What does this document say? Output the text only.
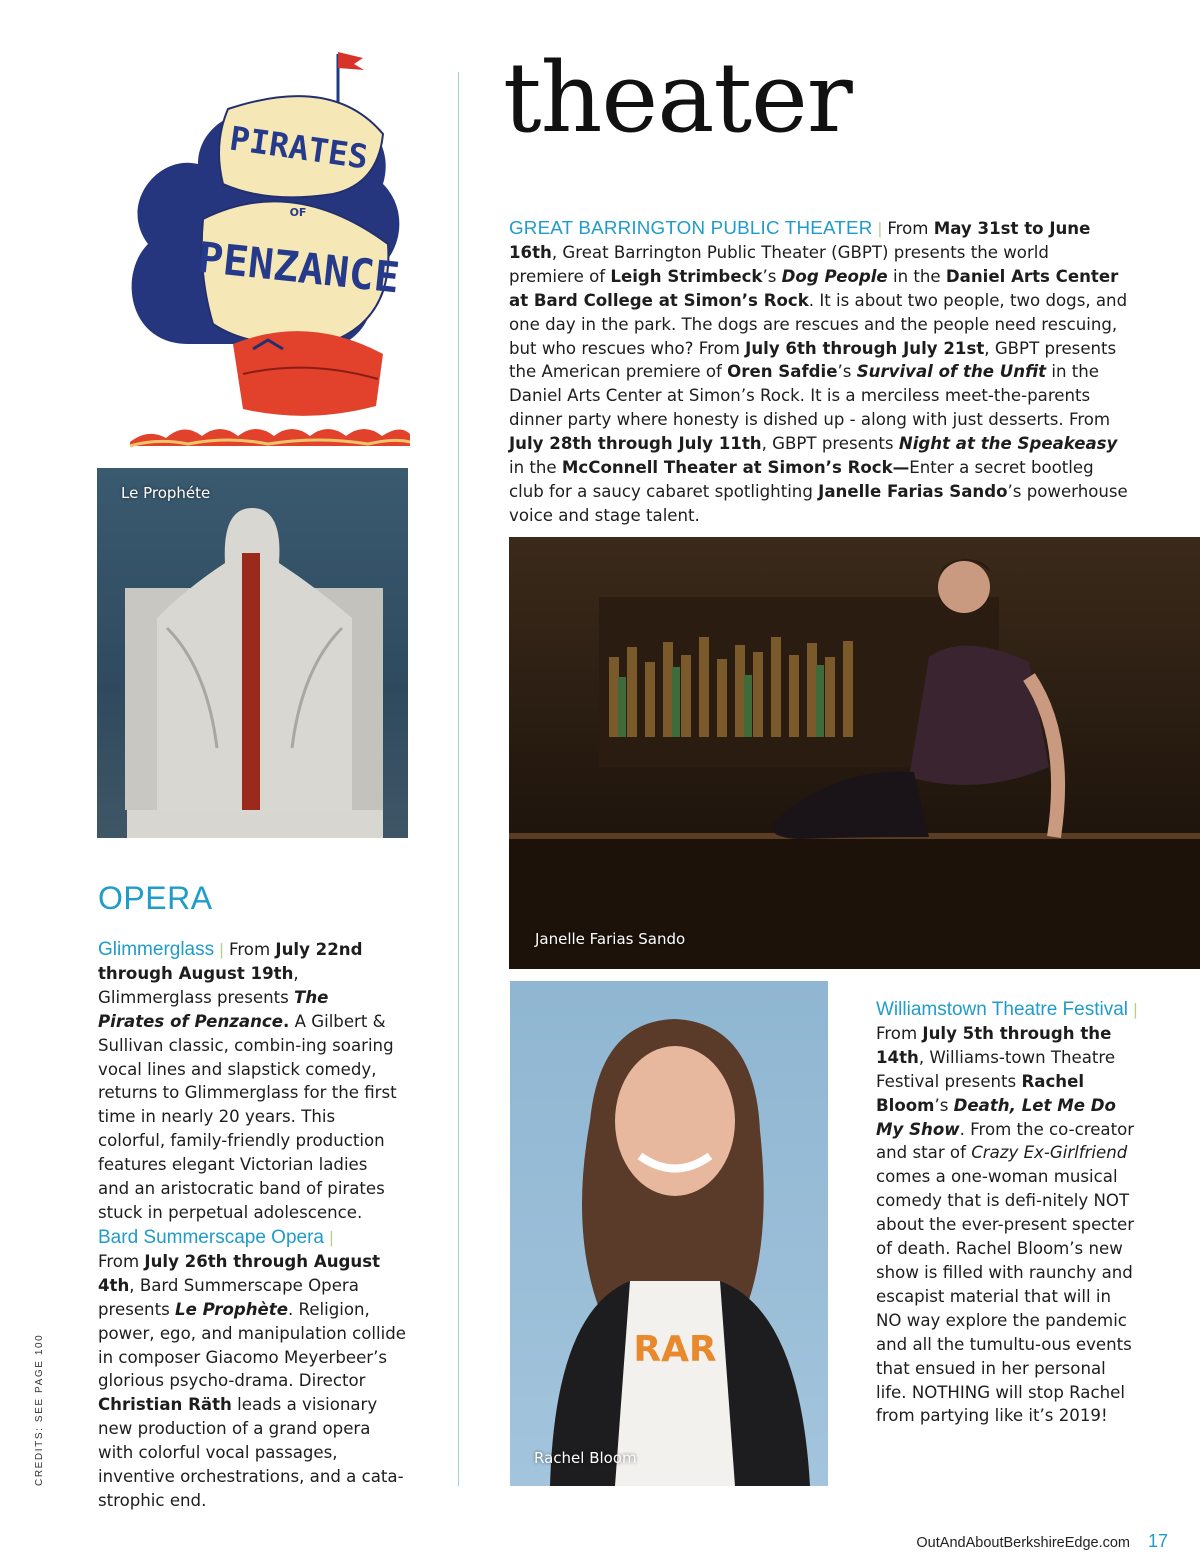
theater

GREAT BARRINGTON PUBLIC THEATER | From May 31st to June 16th, Great Barrington Public Theater (GBPT) presents the world premiere of Leigh Strimbeck’s Dog People in the Daniel Arts Center at Bard College at Simon’s Rock. It is about two people, two dogs, and one day in the park. The dogs are rescues and the people need rescuing, but who rescues who? From July 6th through July 21st, GBPT presents the American premiere of Oren Safdie’s Survival of the Unfit in the Daniel Arts Center at Simon’s Rock. It is a merciless meet-the-parents dinner party where honesty is dished up - along with just desserts. From July 28th through July 11th, GBPT presents Night at the Speakeasy in the McConnell Theater at Simon’s Rock—Enter a secret bootleg club for a saucy cabaret spotlighting Janelle Farias Sando’s powerhouse voice and stage talent.

PIRATES
OF
PENZANCE
Le Prophéte
Janelle Farias Sando
RAR
Rachel Bloom
OPERA

Glimmerglass | From July 22nd through August 19th, Glimmerglass presents The Pirates of Penzance. A Gilbert & Sullivan classic, combin-ing soaring vocal lines and slapstick comedy, returns to Glimmerglass for the first time in nearly 20 years. This colorful, family-friendly production features elegant Victorian ladies and an aristocratic band of pirates stuck in perpetual adolescence.

Bard Summerscape Opera |
From July 26th through August 4th, Bard Summerscape Opera presents Le Prophète. Religion, power, ego, and manipulation collide in composer Giacomo Meyerbeer’s glorious psycho-drama. Director Christian Räth leads a visionary new production of a grand opera with colorful vocal passages, inventive orchestrations, and a cata-strophic end.

Williamstown Theatre Festival | From July 5th through the 14th, Williams-town Theatre Festival presents Rachel Bloom’s Death, Let Me Do My Show. From the co-creator and star of Crazy Ex-Girlfriend comes a one-woman musical comedy that is defi-nitely NOT about the ever-present specter of death. Rachel Bloom’s new show is filled with raunchy and escapist material that will in NO way explore the pandemic and all the tumultu-ous events that ensued in her personal life. NOTHING will stop Rachel from partying like it’s 2019!

CREDITS: SEE PAGE 100
OutAndAboutBerkshireEdge.com 17
